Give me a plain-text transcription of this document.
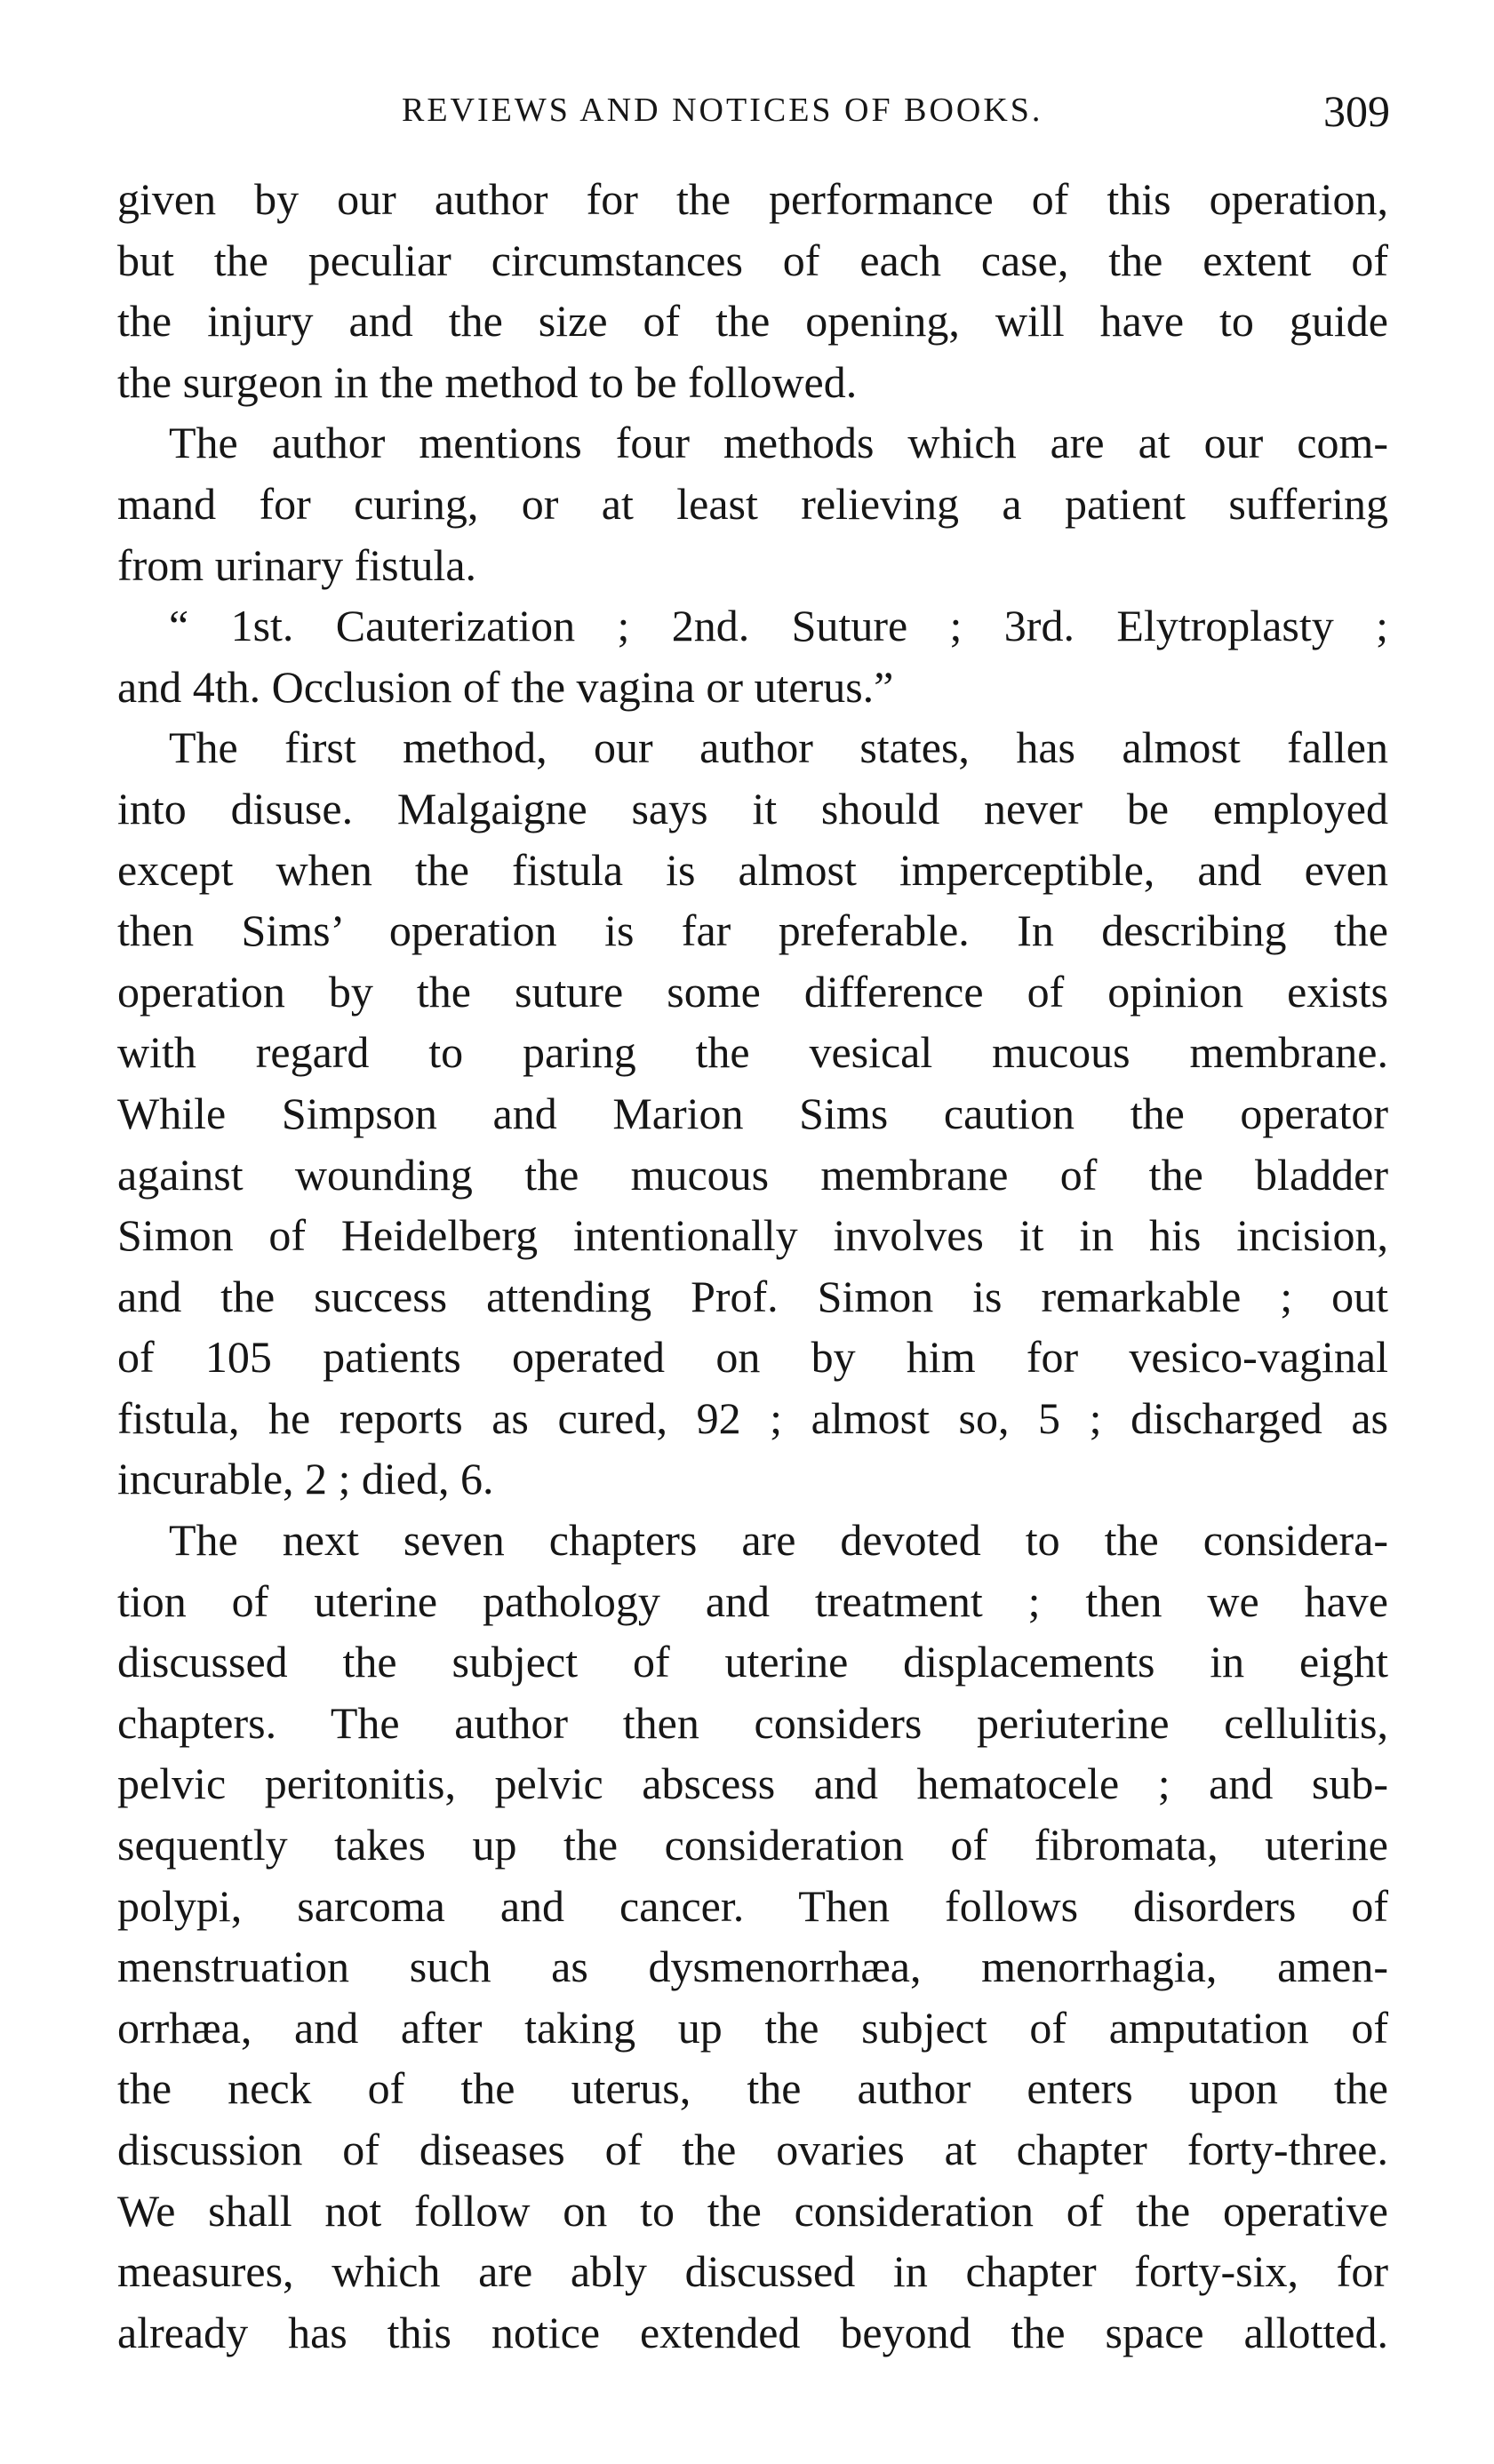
REVIEWS AND NOTICES OF BOOKS.	309
given by our author for the performance of this operation,
but the peculiar circumstances of each case, the extent of
the injury and the size of the opening, will have to guide
the surgeon in the method to be followed.
The author mentions four methods which are at our com-
mand for curing, or at least relieving a patient suffering
from urinary fistula.
“ 1st. Cauterization ; 2nd. Suture ; 3rd. Elytroplasty ;
and 4th. Occlusion of the vagina or uterus.”
The first method, our author states, has almost fallen
into disuse. Malgaigne says it should never be employed
except when the fistula is almost imperceptible, and even
then Sims’ operation is far preferable. In describing the
operation by the suture some difference of opinion exists
with regard to paring the vesical mucous membrane.
While Simpson and Marion Sims caution the operator
against wounding the mucous membrane of the bladder
Simon of Heidelberg intentionally involves it in his incision,
and the success attending Prof. Simon is remarkable ; out
of 105 patients operated on by him for vesico-vaginal
fistula, he reports as cured, 92 ; almost so, 5 ; discharged as
incurable, 2 ; died, 6.
The next seven chapters are devoted to the considera-
tion of uterine pathology and treatment ; then we have
discussed the subject of uterine displacements in eight
chapters. The author then considers periuterine cellulitis,
pelvic peritonitis, pelvic abscess and hematocele ; and sub-
sequently takes up the consideration of fibromata, uterine
polypi, sarcoma and cancer. Then follows disorders of
menstruation such as dysmenorrhæa, menorrhagia, amen-
orrhæa, and after taking up the subject of amputation of
the neck of the uterus, the author enters upon the
discussion of diseases of the ovaries at chapter forty-three.
We shall not follow on to the consideration of the operative
measures, which are ably discussed in chapter forty-six, for
already has this notice extended beyond the space allotted.
